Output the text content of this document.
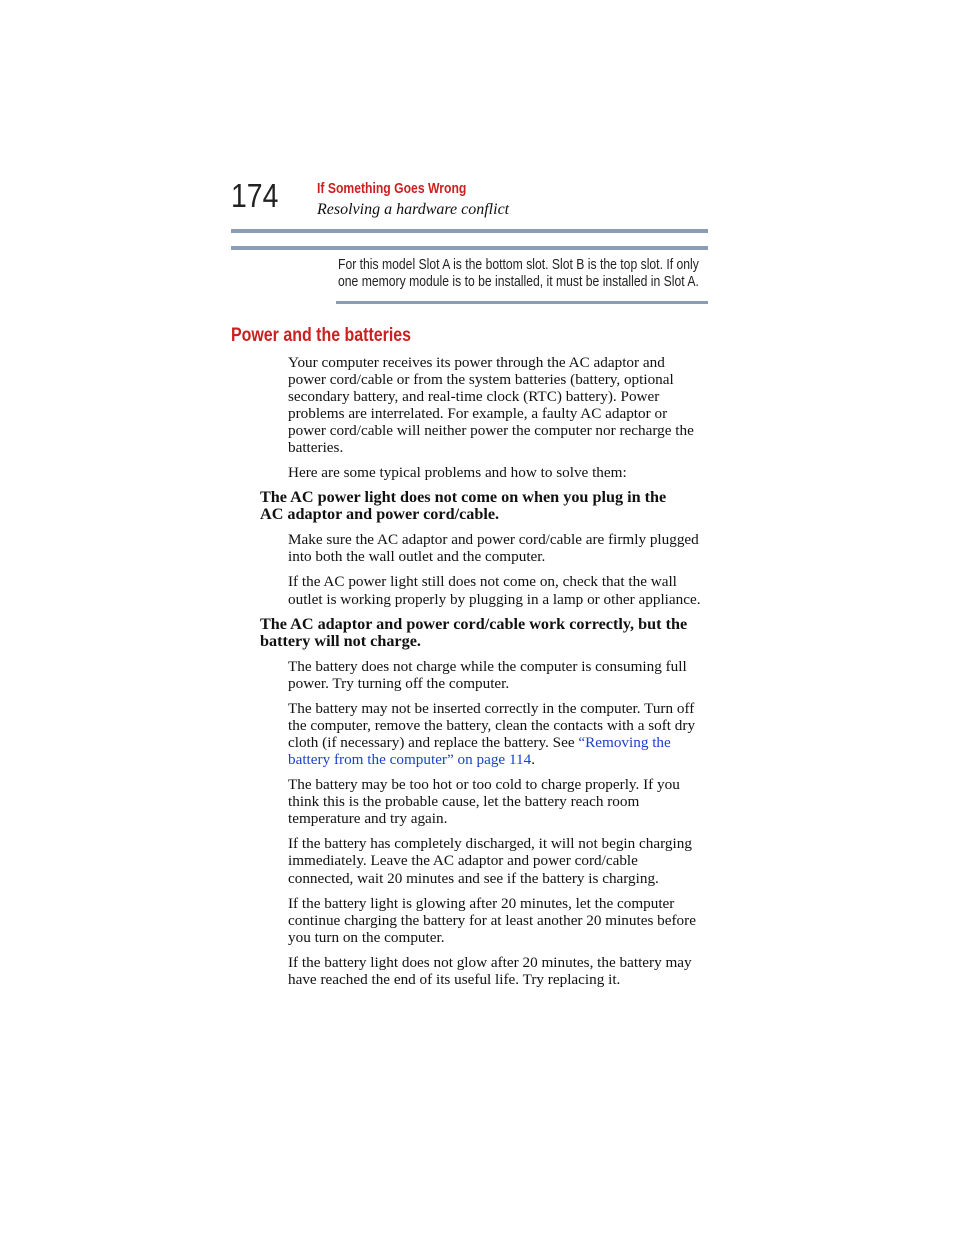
174	If Something Goes Wrong
Resolving a hardware conflict
For this model Slot A is the bottom slot. Slot B is the top slot. If only
one memory module is to be installed, it must be installed in Slot A.
Power and the batteries
Your computer receives its power through the AC adaptor and
power cord/cable or from the system batteries (battery, optional
secondary battery, and real-time clock (RTC) battery). Power
problems are interrelated. For example, a faulty AC adaptor or
power cord/cable will neither power the computer nor recharge the
batteries.
Here are some typical problems and how to solve them:
The AC power light does not come on when you plug in the
AC adaptor and power cord/cable.
Make sure the AC adaptor and power cord/cable are firmly plugged
into both the wall outlet and the computer.
If the AC power light still does not come on, check that the wall
outlet is working properly by plugging in a lamp or other appliance.
The AC adaptor and power cord/cable work correctly, but the
battery will not charge.
The battery does not charge while the computer is consuming full
power. Try turning off the computer.
The battery may not be inserted correctly in the computer. Turn off
the computer, remove the battery, clean the contacts with a soft dry
cloth (if necessary) and replace the battery. See “Removing the
battery from the computer” on page 114.
The battery may be too hot or too cold to charge properly. If you
think this is the probable cause, let the battery reach room
temperature and try again.
If the battery has completely discharged, it will not begin charging
immediately. Leave the AC adaptor and power cord/cable
connected, wait 20 minutes and see if the battery is charging.
If the battery light is glowing after 20 minutes, let the computer
continue charging the battery for at least another 20 minutes before
you turn on the computer.
If the battery light does not glow after 20 minutes, the battery may
have reached the end of its useful life. Try replacing it.
